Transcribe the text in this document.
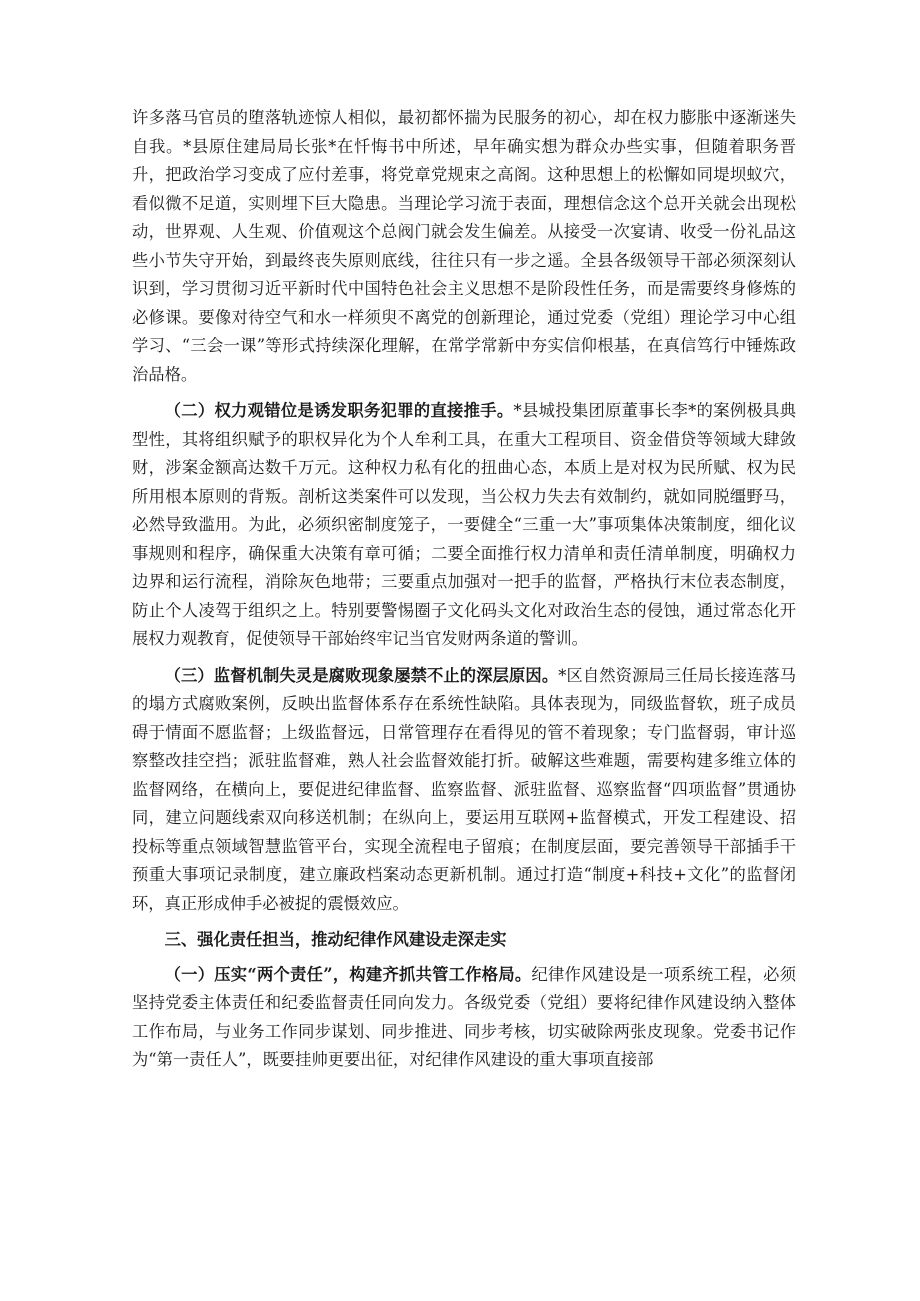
许多落马官员的堕落轨迹惊人相似，最初都怀揣为民服务的初心，却在权力膨胀中逐渐迷失自我。*县原住建局局长张*在忏悔书中所述，早年确实想为群众办些实事，但随着职务晋升，把政治学习变成了应付差事，将党章党规束之高阁。这种思想上的松懈如同堤坝蚁穴，看似微不足道，实则埋下巨大隐患。当理论学习流于表面，理想信念这个总开关就会出现松动，世界观、人生观、价值观这个总阀门就会发生偏差。从接受一次宴请、收受一份礼品这些小节失守开始，到最终丧失原则底线，往往只有一步之遥。全县各级领导干部必须深刻认识到，学习贯彻习近平新时代中国特色社会主义思想不是阶段性任务，而是需要终身修炼的必修课。要像对待空气和水一样须臾不离党的创新理论，通过党委（党组）理论学习中心组学习、“三会一课”等形式持续深化理解，在常学常新中夯实信仰根基，在真信笃行中锤炼政治品格。

（二）权力观错位是诱发职务犯罪的直接推手。*县城投集团原董事长李*的案例极具典型性，其将组织赋予的职权异化为个人牟利工具，在重大工程项目、资金借贷等领域大肆敛财，涉案金额高达数千万元。这种权力私有化的扭曲心态，本质上是对权为民所赋、权为民所用根本原则的背叛。剖析这类案件可以发现，当公权力失去有效制约，就如同脱缰野马，必然导致滥用。为此，必须织密制度笼子，一要健全“三重一大”事项集体决策制度，细化议事规则和程序，确保重大决策有章可循；二要全面推行权力清单和责任清单制度，明确权力边界和运行流程，消除灰色地带；三要重点加强对一把手的监督，严格执行末位表态制度，防止个人凌驾于组织之上。特别要警惕圈子文化码头文化对政治生态的侵蚀，通过常态化开展权力观教育，促使领导干部始终牢记当官发财两条道的警训。

（三）监督机制失灵是腐败现象屡禁不止的深层原因。*区自然资源局三任局长接连落马的塌方式腐败案例，反映出监督体系存在系统性缺陷。具体表现为，同级监督软，班子成员碍于情面不愿监督；上级监督远，日常管理存在看得见的管不着现象；专门监督弱，审计巡察整改挂空挡；派驻监督难，熟人社会监督效能打折。破解这些难题，需要构建多维立体的监督网络，在横向上，要促进纪律监督、监察监督、派驻监督、巡察监督“四项监督”贯通协同，建立问题线索双向移送机制；在纵向上，要运用互联网+监督模式，开发工程建设、招投标等重点领域智慧监管平台，实现全流程电子留痕；在制度层面，要完善领导干部插手干预重大事项记录制度，建立廉政档案动态更新机制。通过打造“制度+科技+文化”的监督闭环，真正形成伸手必被捉的震慑效应。

三、强化责任担当，推动纪律作风建设走深走实

（一）压实“两个责任”，构建齐抓共管工作格局。纪律作风建设是一项系统工程，必须坚持党委主体责任和纪委监督责任同向发力。各级党委（党组）要将纪律作风建设纳入整体工作布局，与业务工作同步谋划、同步推进、同步考核，切实破除两张皮现象。党委书记作为“第一责任人”，既要挂帅更要出征，对纪律作风建设的重大事项直接部
